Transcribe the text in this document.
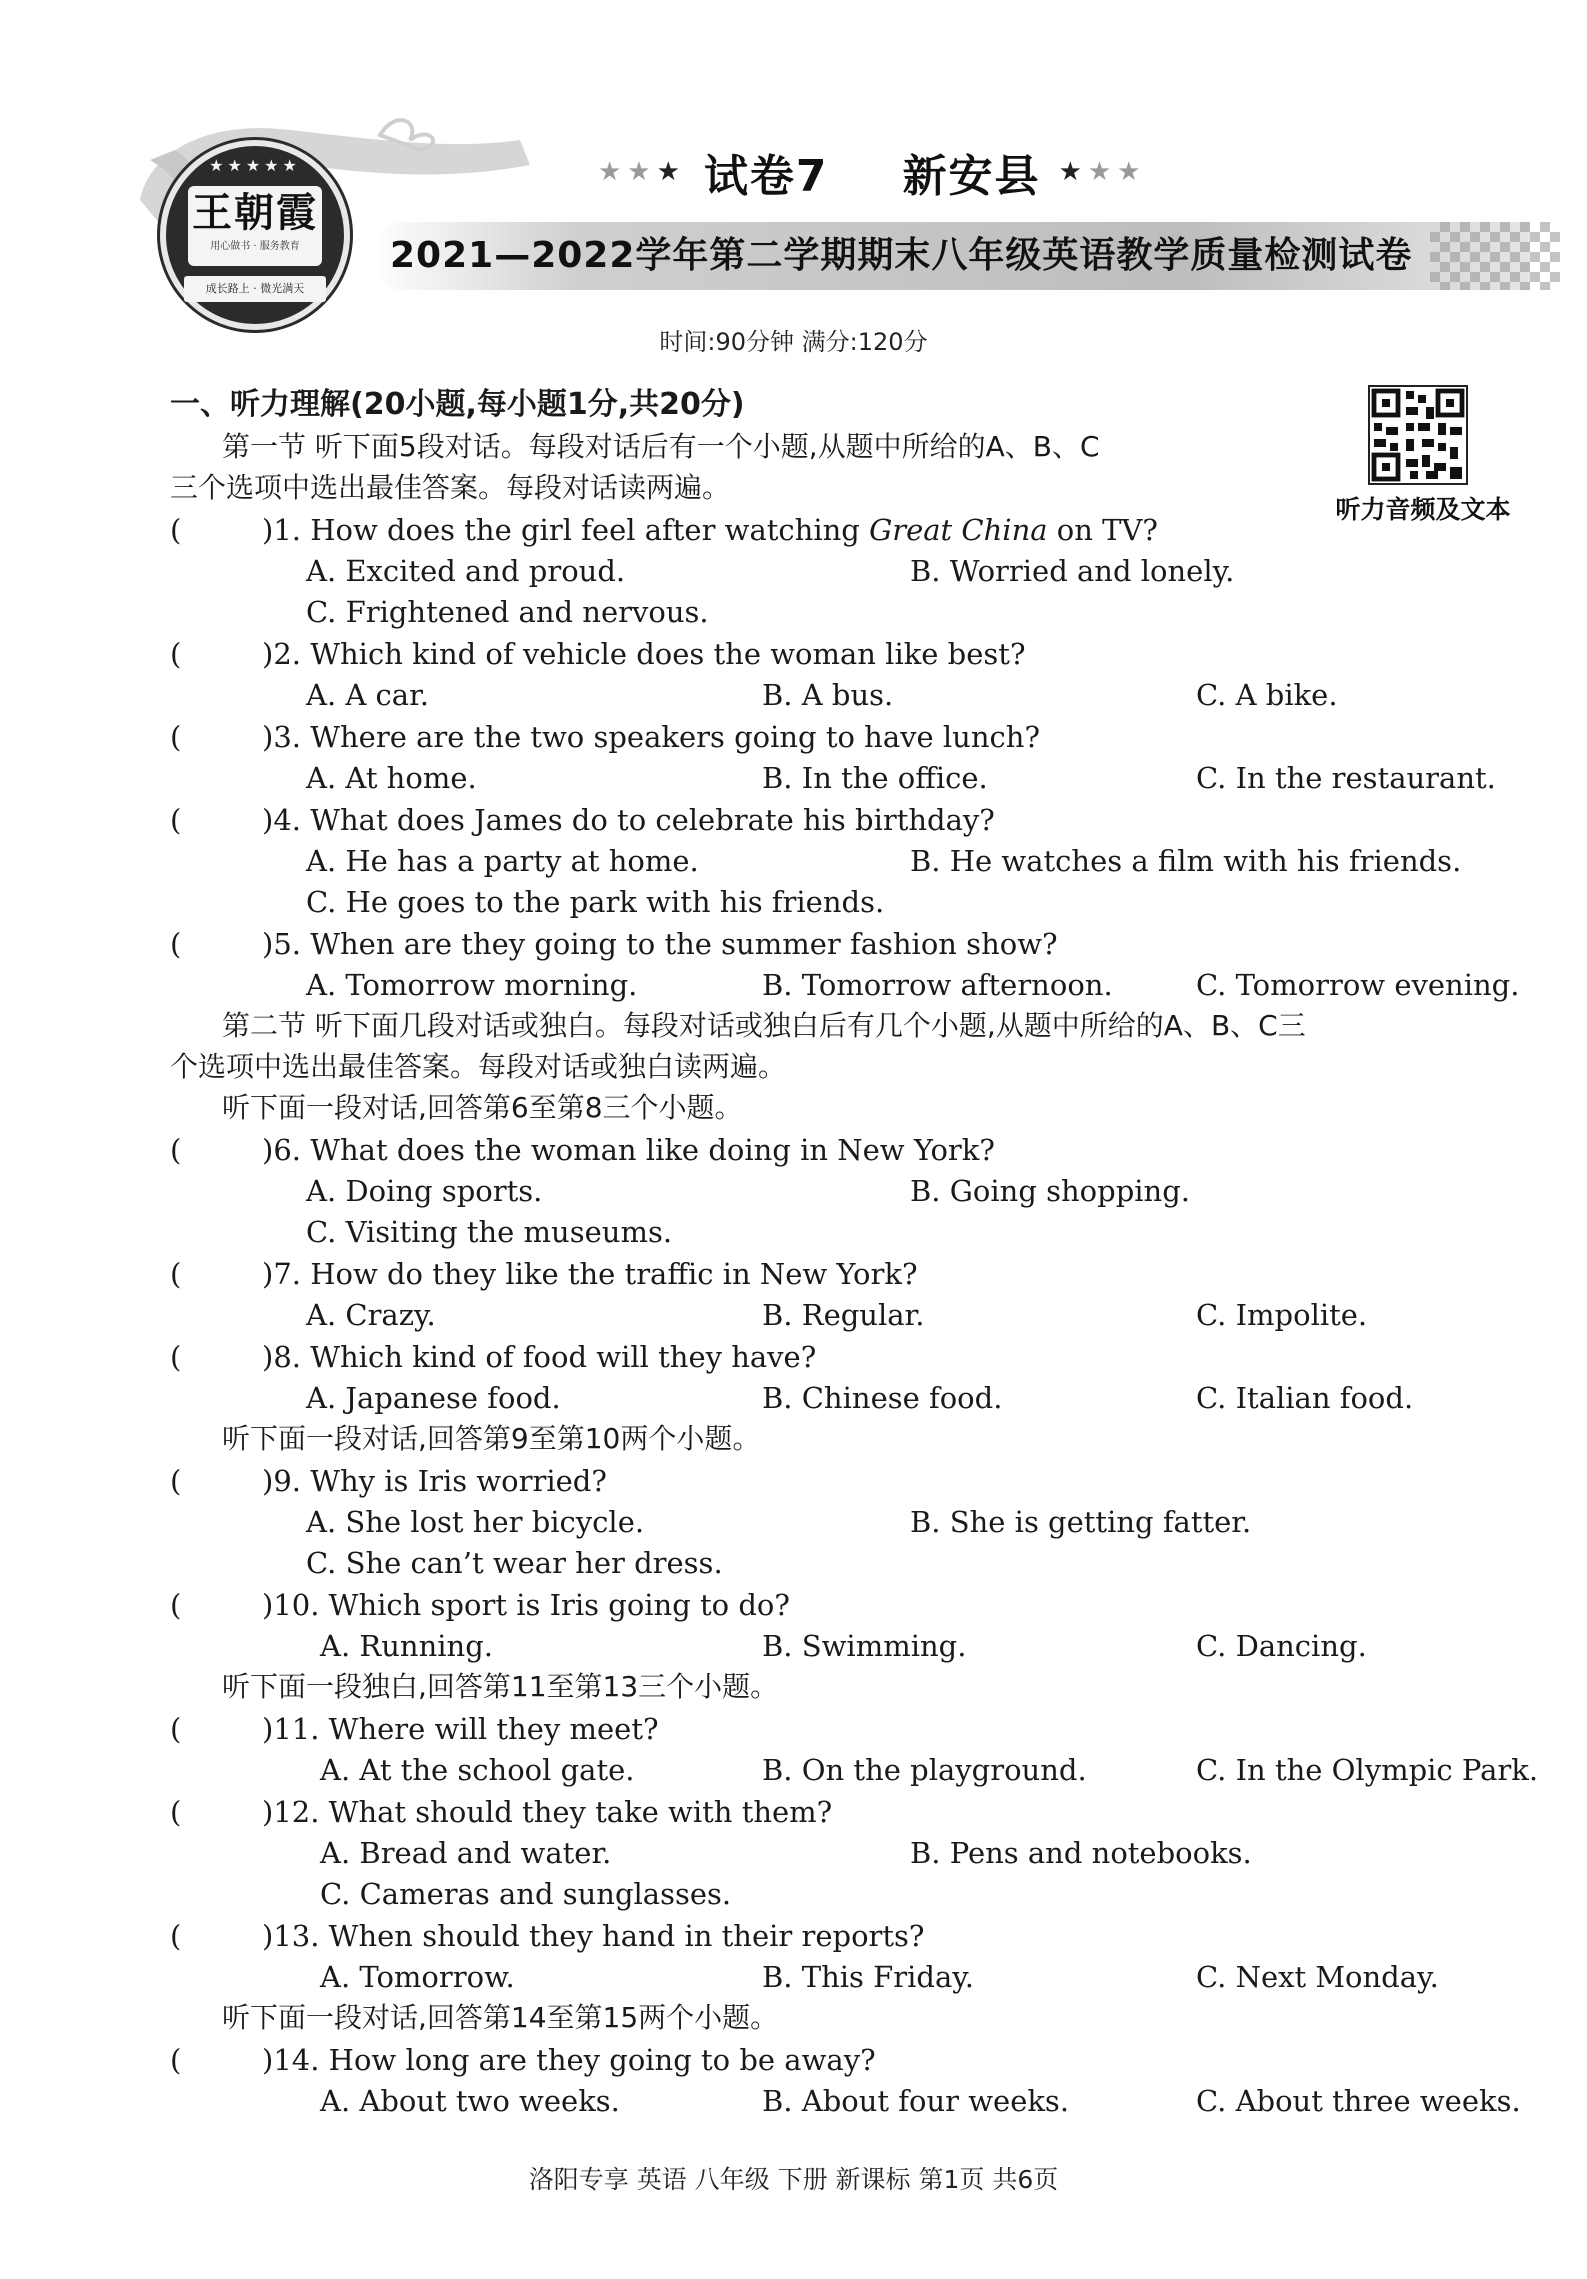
★★★★★
王朝霞
用心做书 · 服务教育
成长路上 · 微光满天
★★★ 试卷7 新安县 ★★★
2021—2022学年第二学期期末八年级英语教学质量检测试卷
时间:90分钟 满分:120分
听力音频及文本
一、听力理解(20小题,每小题1分,共20分)
第一节 听下面5段对话。每段对话后有一个小题,从题中所给的A、B、C
三个选项中选出最佳答案。每段对话读两遍。
(	)1. How does the girl feel after watching Great China on TV?
A. Excited and proud.	B. Worried and lonely.
C. Frightened and nervous.
(	)2. Which kind of vehicle does the woman like best?
A. A car.	B. A bus.	C. A bike.
(	)3. Where are the two speakers going to have lunch?
A. At home.	B. In the office.	C. In the restaurant.
(	)4. What does James do to celebrate his birthday?
A. He has a party at home.	B. He watches a film with his friends.
C. He goes to the park with his friends.
(	)5. When are they going to the summer fashion show?
A. Tomorrow morning.	B. Tomorrow afternoon.	C. Tomorrow evening.
第二节 听下面几段对话或独白。每段对话或独白后有几个小题,从题中所给的A、B、C三
个选项中选出最佳答案。每段对话或独白读两遍。
听下面一段对话,回答第6至第8三个小题。
(	)6. What does the woman like doing in New York?
A. Doing sports.	B. Going shopping.
C. Visiting the museums.
(	)7. How do they like the traffic in New York?
A. Crazy.	B. Regular.	C. Impolite.
(	)8. Which kind of food will they have?
A. Japanese food.	B. Chinese food.	C. Italian food.
听下面一段对话,回答第9至第10两个小题。
(	)9. Why is Iris worried?
A. She lost her bicycle.	B. She is getting fatter.
C. She can’t wear her dress.
(	)10. Which sport is Iris going to do?
A. Running.	B. Swimming.	C. Dancing.
听下面一段独白,回答第11至第13三个小题。
(	)11. Where will they meet?
A. At the school gate.	B. On the playground.	C. In the Olympic Park.
(	)12. What should they take with them?
A. Bread and water.	B. Pens and notebooks.
C. Cameras and sunglasses.
(	)13. When should they hand in their reports?
A. Tomorrow.	B. This Friday.	C. Next Monday.
听下面一段对话,回答第14至第15两个小题。
(	)14. How long are they going to be away?
A. About two weeks.	B. About four weeks.	C. About three weeks.
洛阳专享 英语 八年级 下册 新课标 第1页 共6页
